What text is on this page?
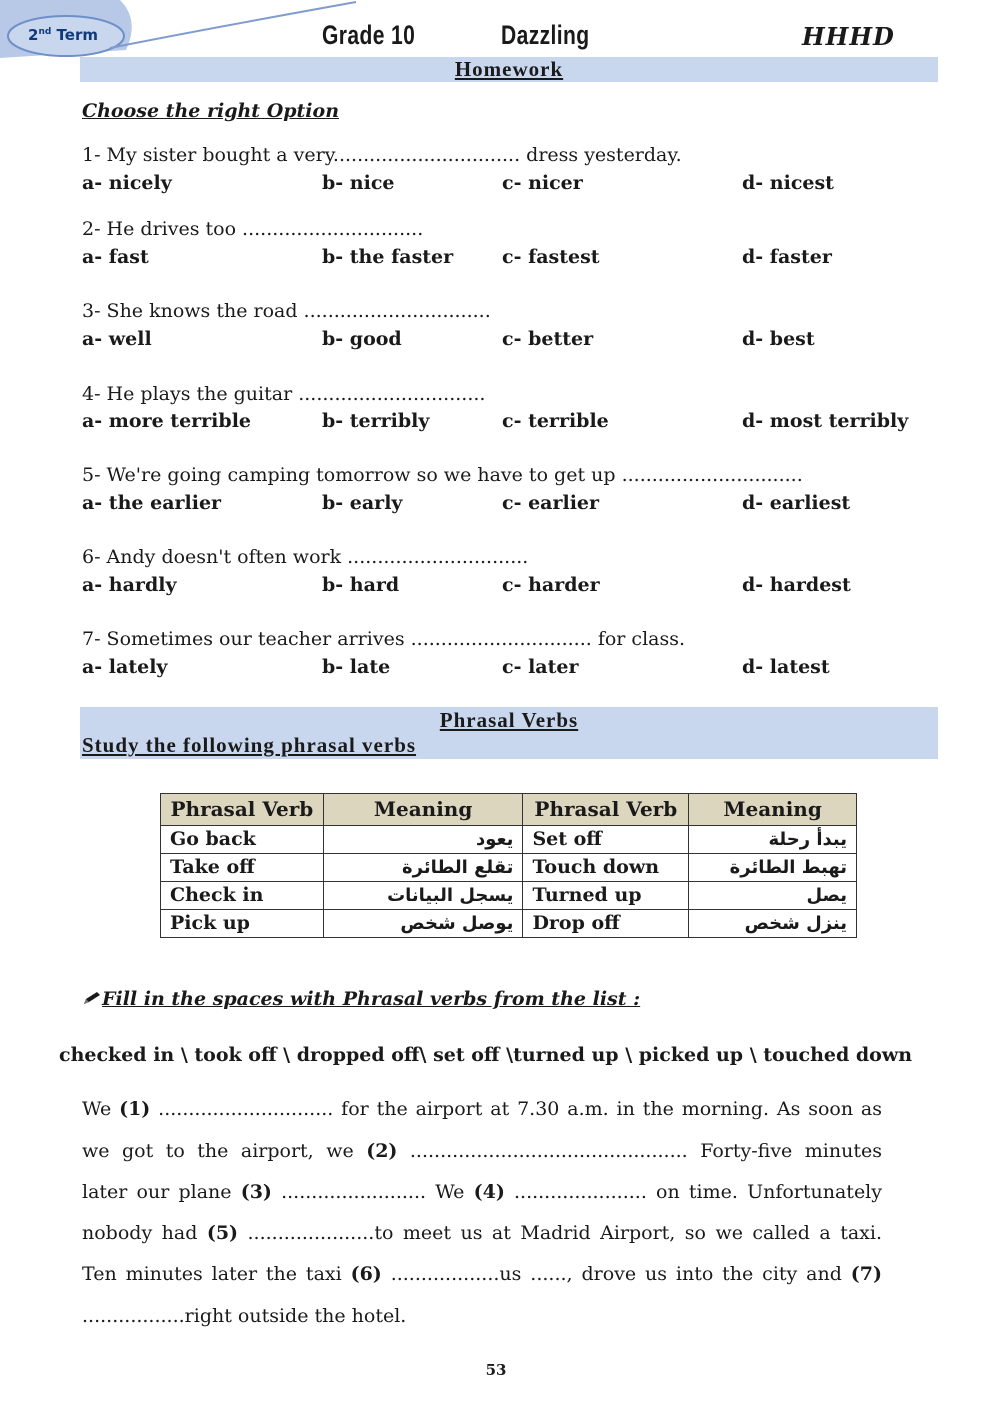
2nd Term	Grade 10	Dazzling	HHHD
Homework
Choose the right Option
1- My sister bought a very............................... dress yesterday.
a- nicely	b- nice	c- nicer	d- nicest
2- He drives too ..............................
a- fast	b- the faster	c- fastest	d- faster
3- She knows the road ...............................
a- well	b- good	c- better	d- best
4- He plays the guitar ...............................
a- more terrible	b- terribly	c- terrible	d- most terribly
5- We're going camping tomorrow so we have to get up ..............................
a- the earlier	b- early	c- earlier	d- earliest
6- Andy doesn't often work ..............................
a- hardly	b- hard	c- harder	d- hardest
7- Sometimes our teacher arrives .............................. for class.
a- lately	b- late	c- later	d- latest
Phrasal Verbs
Study the following phrasal verbs
Phrasal Verb	Meaning	Phrasal Verb	Meaning
Go back	يعود	Set off	يبدأ رحلة
Take off	تقلع الطائرة	Touch down	تهبط الطائرة
Check in	يسجل البيانات	Turned up	يصل
Pick up	يوصل شخص	Drop off	ينزل شخص
Fill in the spaces with Phrasal verbs from the list :
checked in \ took off \ dropped off\ set off \turned up \ picked up \ touched down
We (1) ............................. for the airport at 7.30 a.m. in the morning. As soon as
we got to the airport, we (2) .............................................. Forty-five minutes
later our plane (3) ........................ We (4) ...................... on time. Unfortunately
nobody had (5) .....................to meet us at Madrid Airport, so we called a taxi.
Ten minutes later the taxi (6) ..................us ......, drove us into the city and (7)
.................right outside the hotel.
53
